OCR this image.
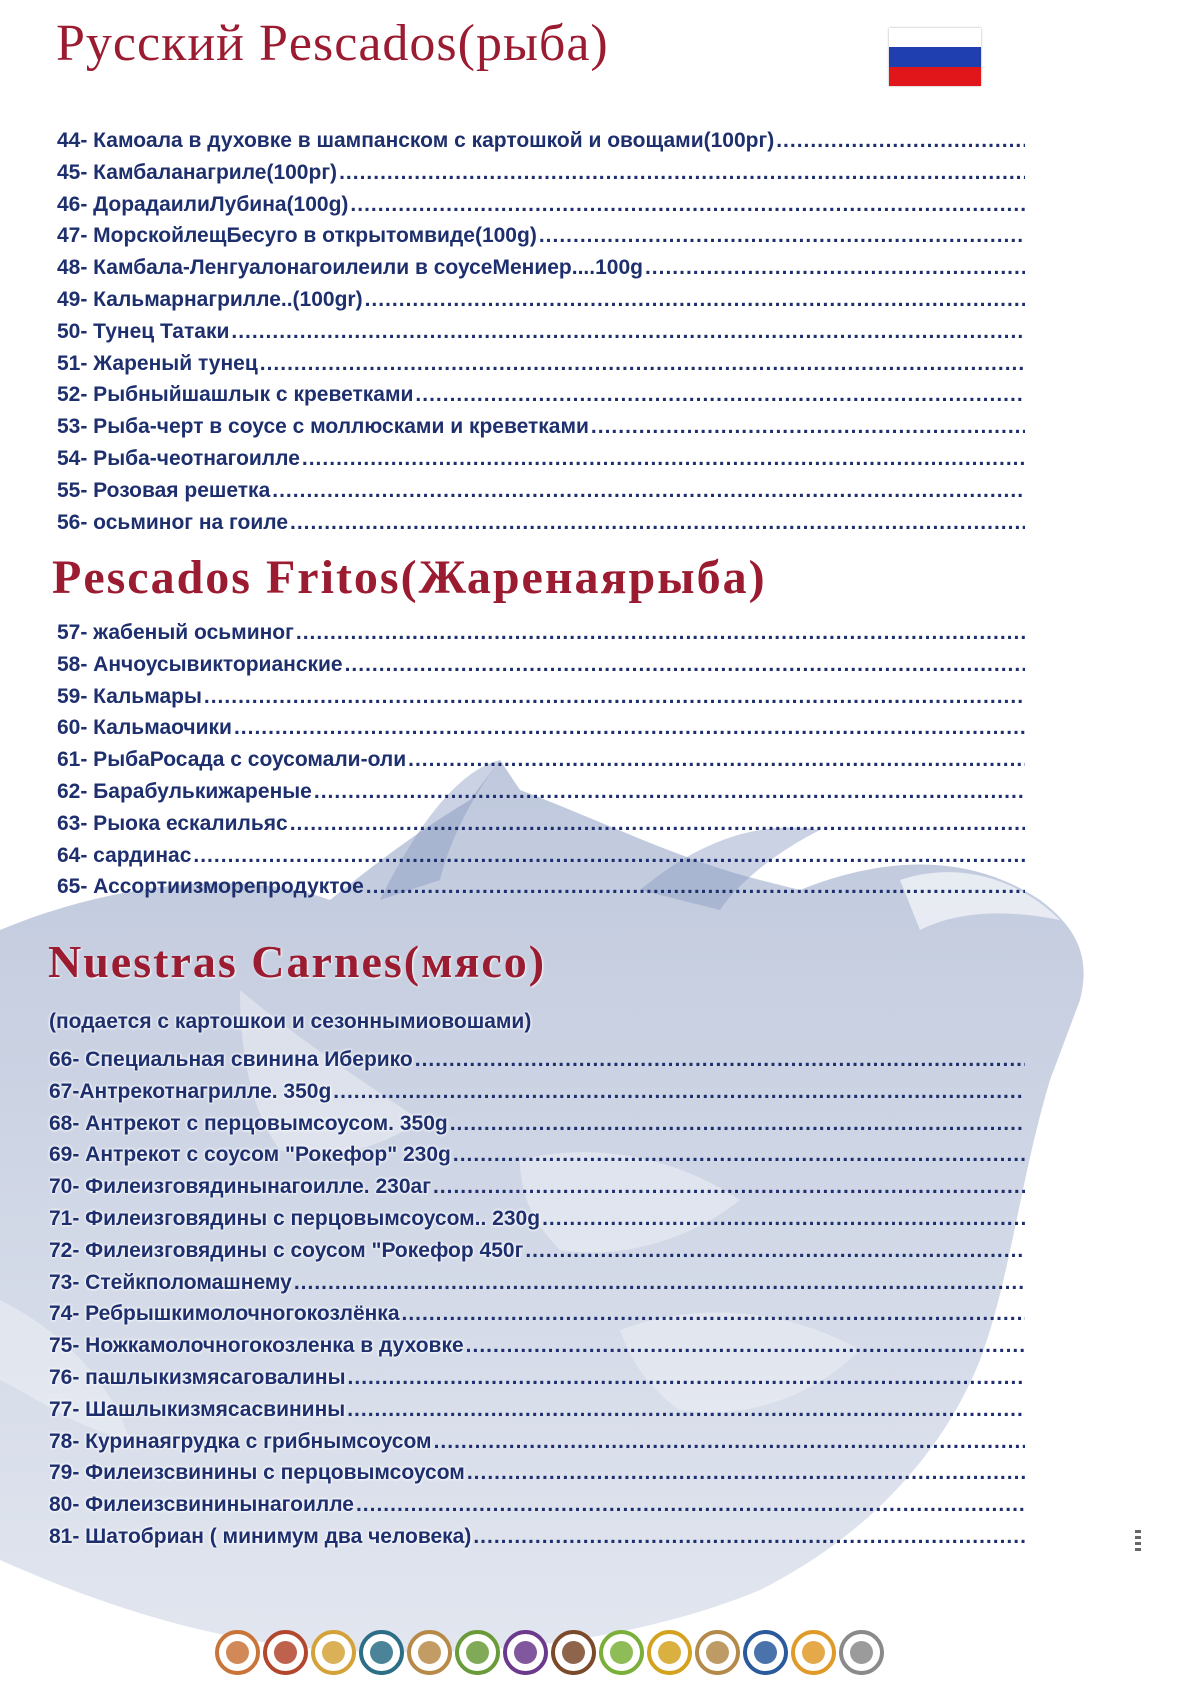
Русский Pescados(рыба)
44- Камоала в духовке в шампанском с картошкой и овощами(100рг)
.....
45- Камбаланагриле(100рг)
.....
46- ДорадаилиЛубина(100g)
.....
47- МорскойлещБесуго в открытомвиде(100g)
.....
48- Камбала-Ленгуалонагоилеили в соусеМениер....100g
.....
49- Кальмарнагрилле..(100gr)
.....
50- Тунец Татаки
.....
51- Жареный тунец
.....
52- Рыбныйшашлык с креветками
.....
53- Рыба-черт в соусе с моллюсками и креветками
.....
54- Рыба-чеотнагоилле
.....
55- Розовая решетка
.....
56- осьминог на гоиле
.....
Pescados Fritos(Жаренаярыба)
57- жабеный осьминог
.....
58- Анчоусывикторианские
.....
59- Кальмары
.....
60- Кальмаочики
.....
61- РыбаРосада с соусомали-оли
.....
62- Барабулькижареные
.....
63- Рыока ескалильяс
.....
64- сардинас
.....
65- Ассортиизморепродуктое
.....
Nuestras Carnes(мясо)
(подается с картошкои и сезоннымиовошами)
66- Специальная свинина Иберико
.....
67-Антрекотнагрилле. 350g
.....
68- Антрекот с перцовымсоусом. 350g
.....
69- Антрекот с соусом "Рокефор" 230g
.....
70- Филеизговядинынагоилле. 230аг
.....
71- Филеизговядины с перцовымсоусом.. 230g
.....
72- Филеизговядины с соусом "Рокефор 450г
.....
73- Стейкполомашнему
.....
74- Ребрышкимолочногокозлёнка
.....
75- Ножкамолочногокозленка в духовке
.....
76- пашлыкизмясаговалины
.....
77- Шашлыкизмясасвинины
.....
78- Куринаягрудка с грибнымсоусом
.....
79- Филеизсвинины с перцовымсоусом
.....
80- Филеизсвининынагоилле
.....
81- Шатобриан ( минимум два человека)
.....
